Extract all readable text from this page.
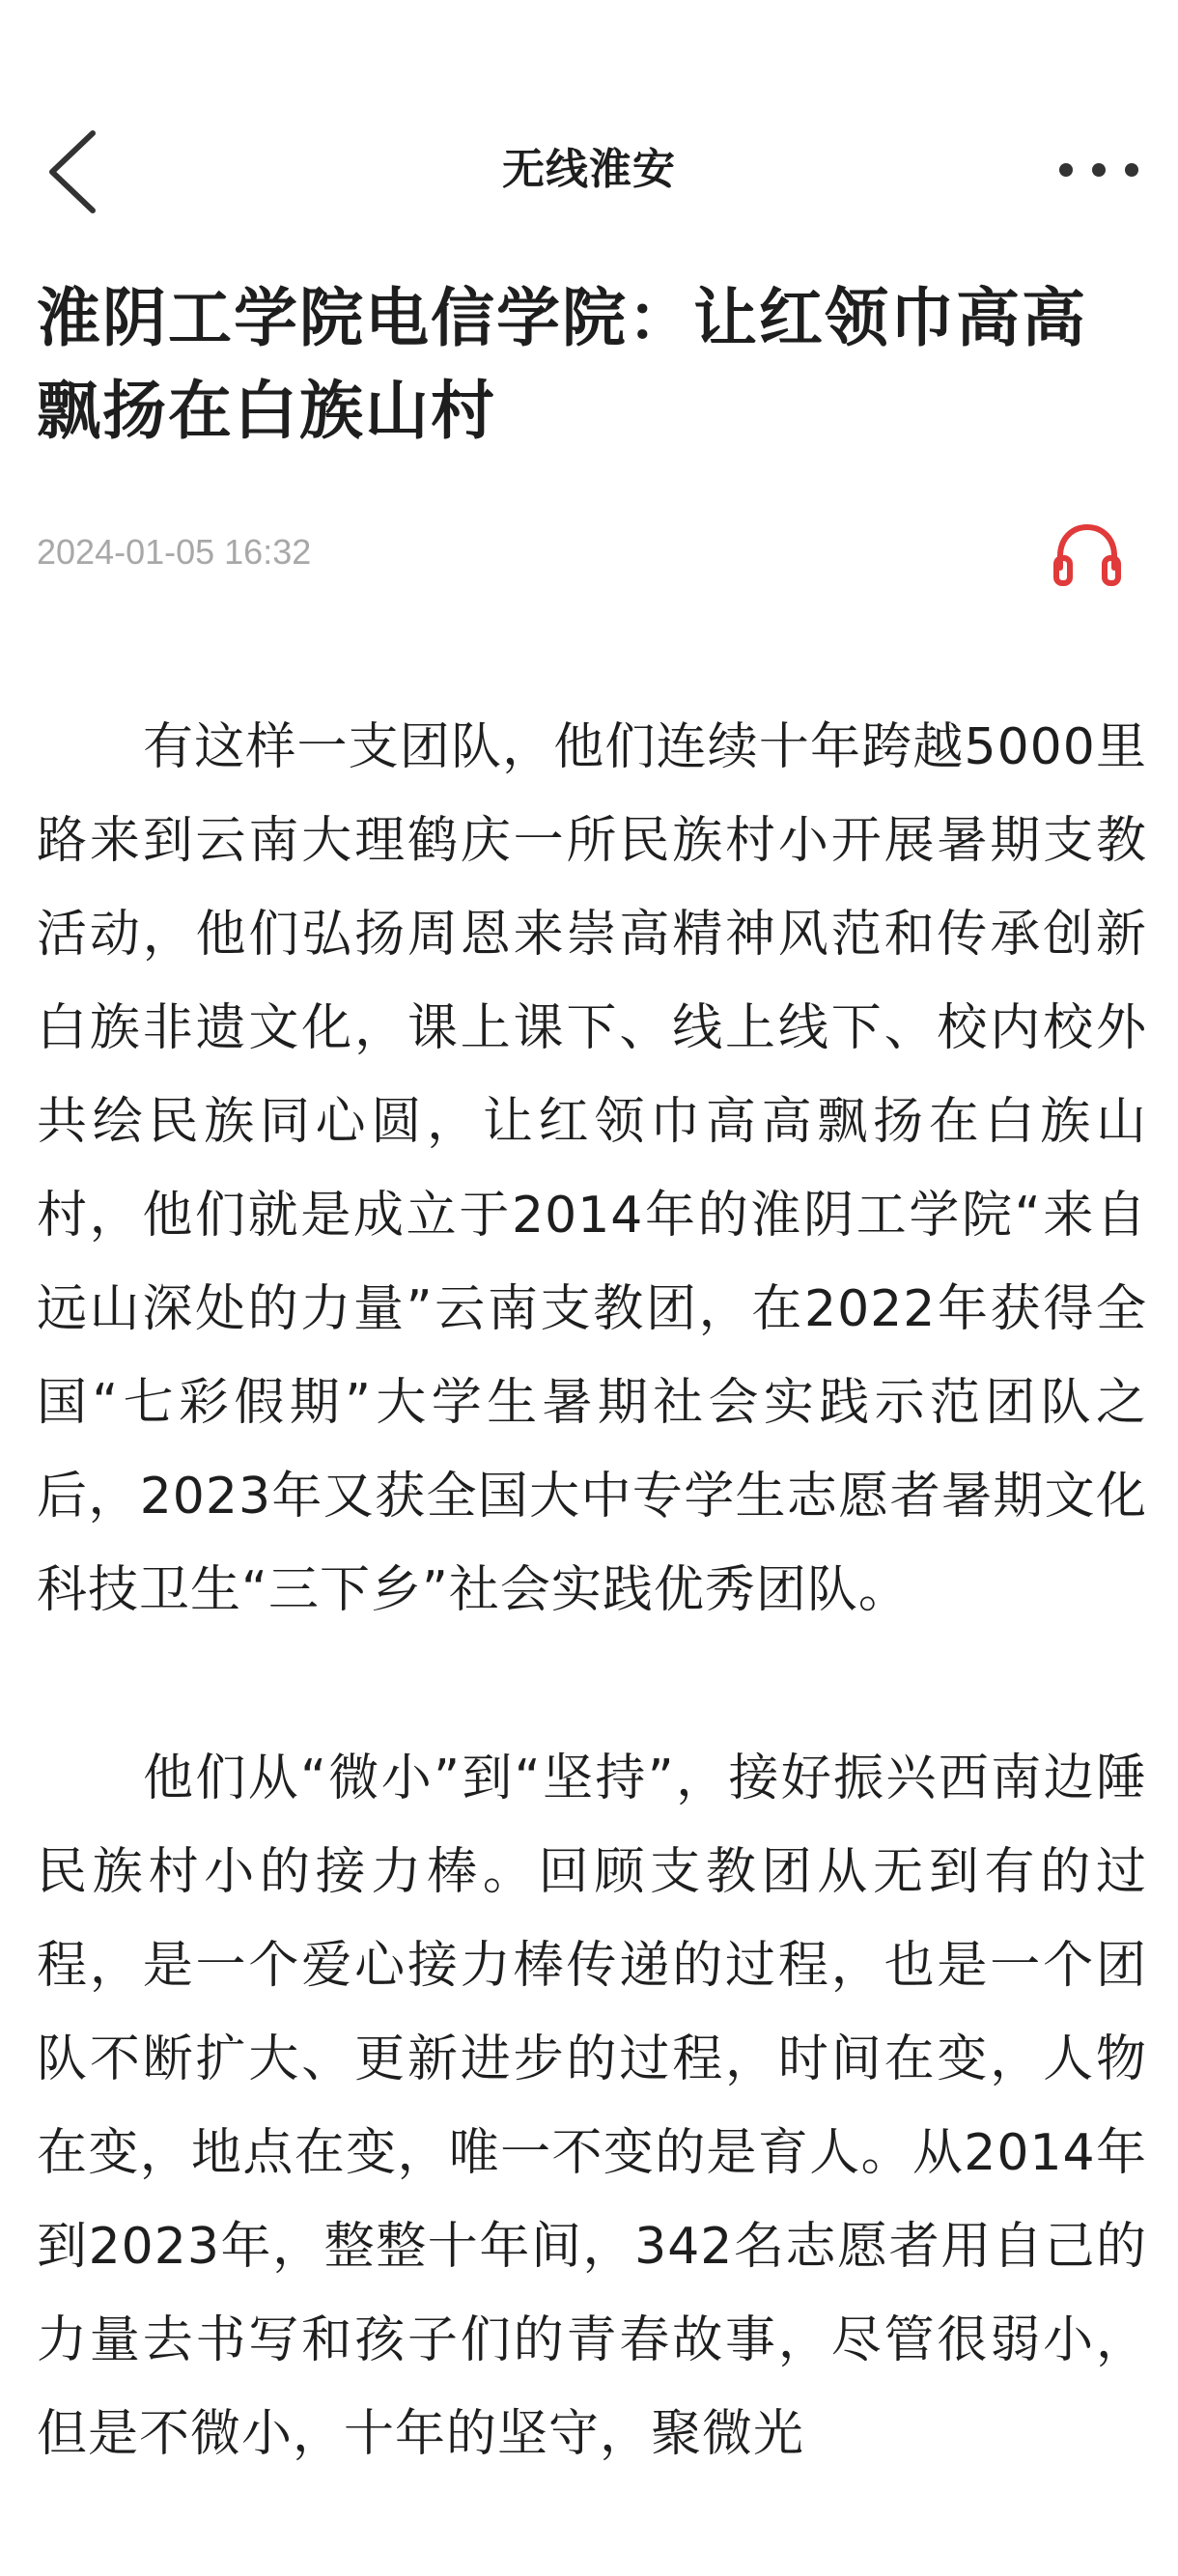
无线淮安
淮阴工学院电信学院：让红领巾高高飘扬在白族山村
2024-01-05 16:32

有这样一支团队，他们连续十年跨越5000里路来到云南大理鹤庆一所民族村小开展暑期支教活动，他们弘扬周恩来崇高精神风范和传承创新白族非遗文化，课上课下、线上线下、校内校外共绘民族同心圆，让红领巾高高飘扬在白族山村，他们就是成立于2014年的淮阴工学院“来自远山深处的力量”云南支教团，在2022年获得全国“七彩假期”大学生暑期社会实践示范团队之后，2023年又获全国大中专学生志愿者暑期文化科技卫生“三下乡”社会实践优秀团队。

他们从“微小”到“坚持”，接好振兴西南边陲民族村小的接力棒。回顾支教团从无到有的过程，是一个爱心接力棒传递的过程，也是一个团队不断扩大、更新进步的过程，时间在变，人物在变，地点在变，唯一不变的是育人。从2014年到2023年，整整十年间，342名志愿者用自己的力量去书写和孩子们的青春故事，尽管很弱小，但是不微小，十年的坚守，聚微光
